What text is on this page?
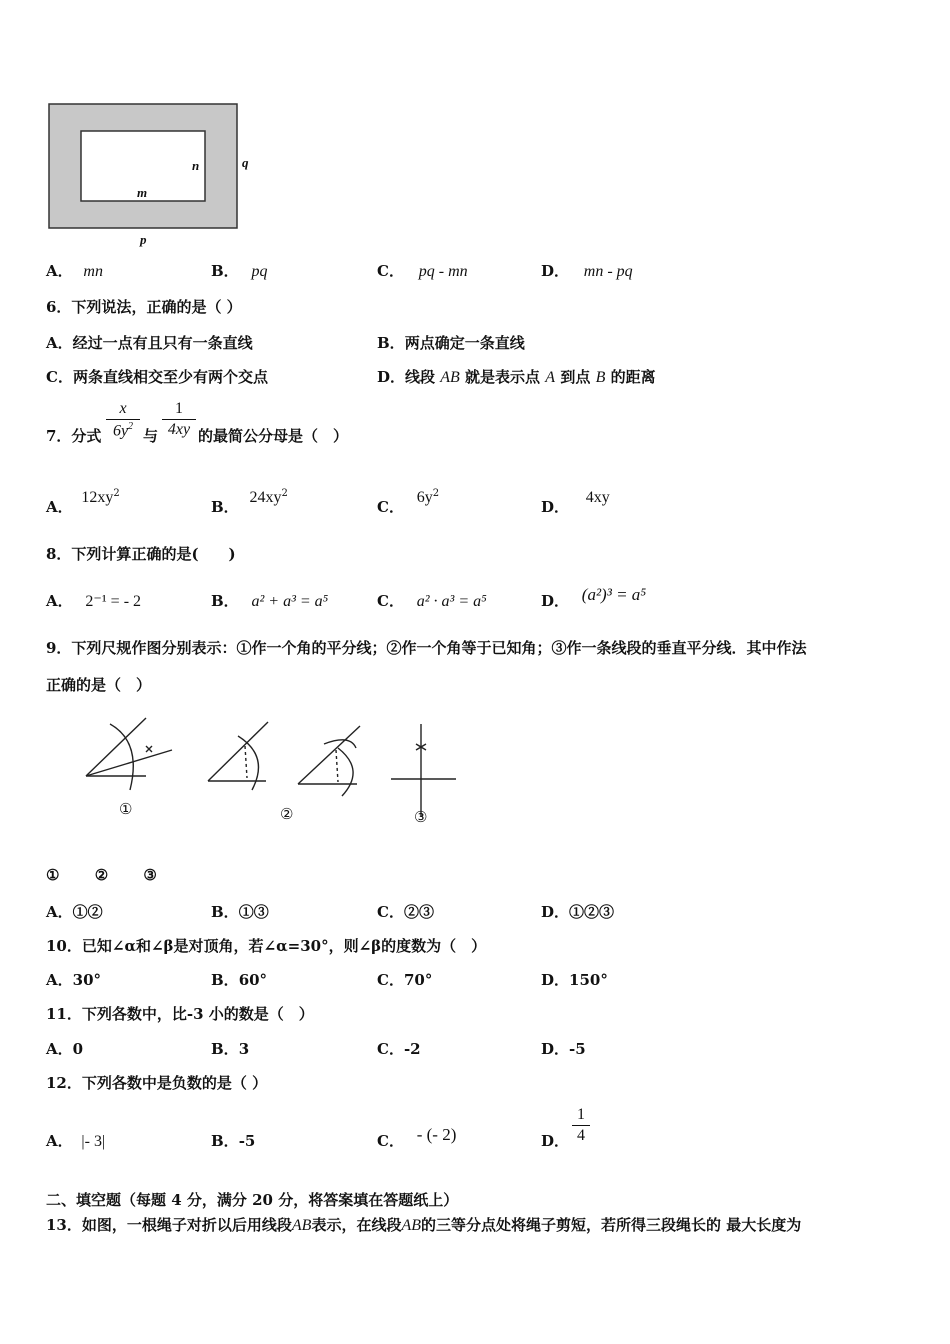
n	q
m
p
A． mn	B． pq	C． pq - mn	D． mn - pq
6．下列说法，正确的是（ ）
A．经过一点有且只有一条直线	B．两点确定一条直线
C．两条直线相交至少有两个交点	D．线段 AB 就是表示点 A 到点 B 的距离
7．分式
x
$6y^2$
与
1
4xy 的最简公分母是（　）
A． $12xy^2$
B． $24xy^2$
C． $6y^2$
D． 4xy
8．下列计算正确的是(　　)
A． 2⁻¹ = - 2	B． a² + a³ = a⁵	C． a² · a³ = a⁵	D． (a²)³ = a⁵
9．下列尺规作图分别表示：①作一个角的平分线；②作一个角等于已知角；③作一条线段的垂直平分线．其中作法
正确的是（　）
①	②	③
① ② ③
A．①②	B．①③	C．②③	D．①②③
10．已知∠α和∠β是对顶角，若∠α=30°，则∠β的度数为（　）
A．30°	B．60°	C．70°	D．150°
11．下列各数中，比-3 小的数是（　）
A．0	B．3	C．-2	D．-5
12．下列各数中是负数的是（ ）
A． |- 3|	B．-5	C． - (- 2)	D．
1
4
二、填空题（每题 4 分，满分 20 分，将答案填在答题纸上）
13．如图，一根绳子对折以后用线段AB表示，在线段AB的三等分点处将绳子剪短，若所得三段绳长的 最大长度为
